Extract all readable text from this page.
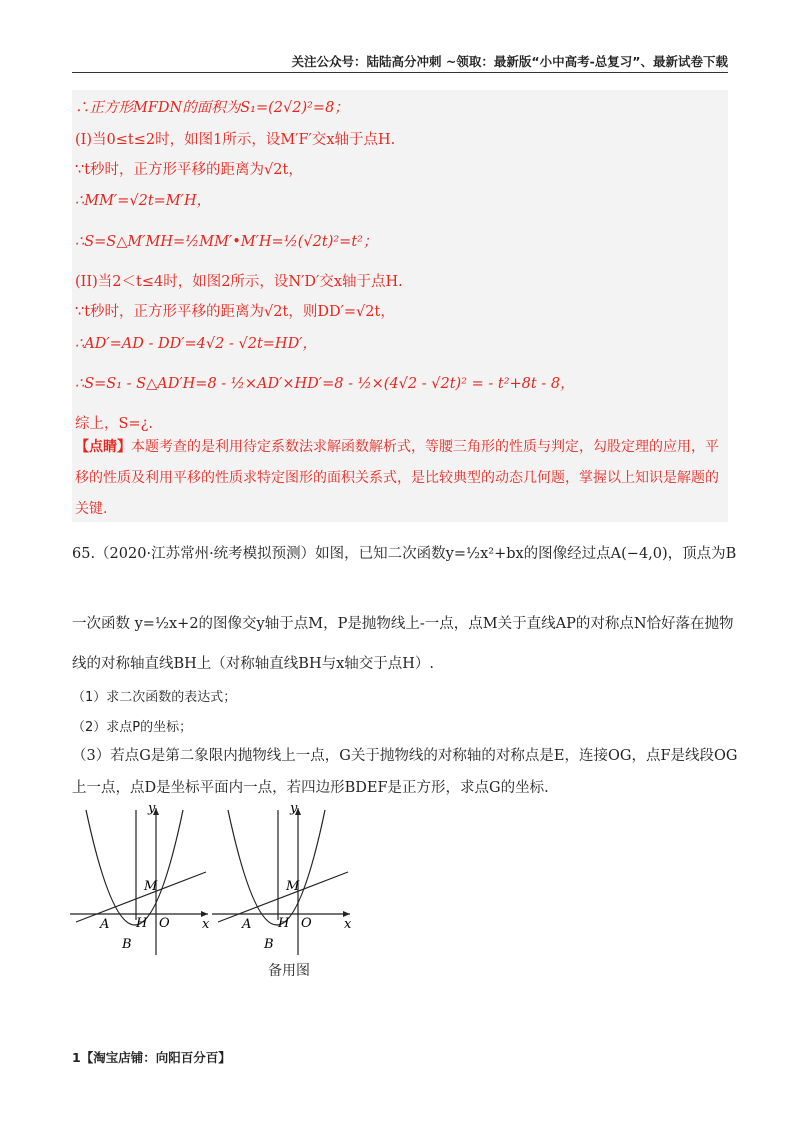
关注公众号：陆陆高分冲刺 ~领取：最新版“小中高考-总复习”、最新试卷下载
∴正方形MFDN的面积为S₁=(2√2)²=8；
(I)当0≤t≤2时，如图1所示，设M′F′交x轴于点H.
∵t秒时，正方形平移的距离为√2t，
∴MM′=√2t=M′H，
∴S=S△M′MH=½MM′•M′H=½(√2t)²=t²；
(II)当2＜t≤4时，如图2所示，设N′D′交x轴于点H.
∵t秒时，正方形平移的距离为√2t，则DD′=√2t，
∴AD′=AD - DD′=4√2 - √2t=HD′，
∴S=S₁ - S△AD′H=8 - ½×AD′×HD′=8 - ½×(4√2 - √2t)² = - t²+8t - 8，
综上，S=¿.
【点睛】本题考查的是利用待定系数法求解函数解析式，等腰三角形的性质与判定，勾股定理的应用，平移的性质及利用平移的性质求特定图形的面积关系式，是比较典型的动态几何题，掌握以上知识是解题的关键.
65.（2020·江苏常州·统考模拟预测）如图，已知二次函数y=½x²+bx的图像经过点A(−4,0)，顶点为B
一次函数 y=½x+2的图像交y轴于点M，P是抛物线上-一点，点M关于直线AP的对称点N恰好落在抛物
线的对称轴直线BH上（对称轴直线BH与x轴交于点H）.
（1）求二次函数的表达式；
（2）求点P的坐标；
（3）若点G是第二象限内抛物线上一点，G关于抛物线的对称轴的对称点是E，连接OG，点F是线段OG
上一点，点D是坐标平面内一点，若四边形BDEF是正方形，求点G的坐标.
y
x
M
A H O
B
y
x
M
A H O
B
备用图
1【淘宝店铺：向阳百分百】
